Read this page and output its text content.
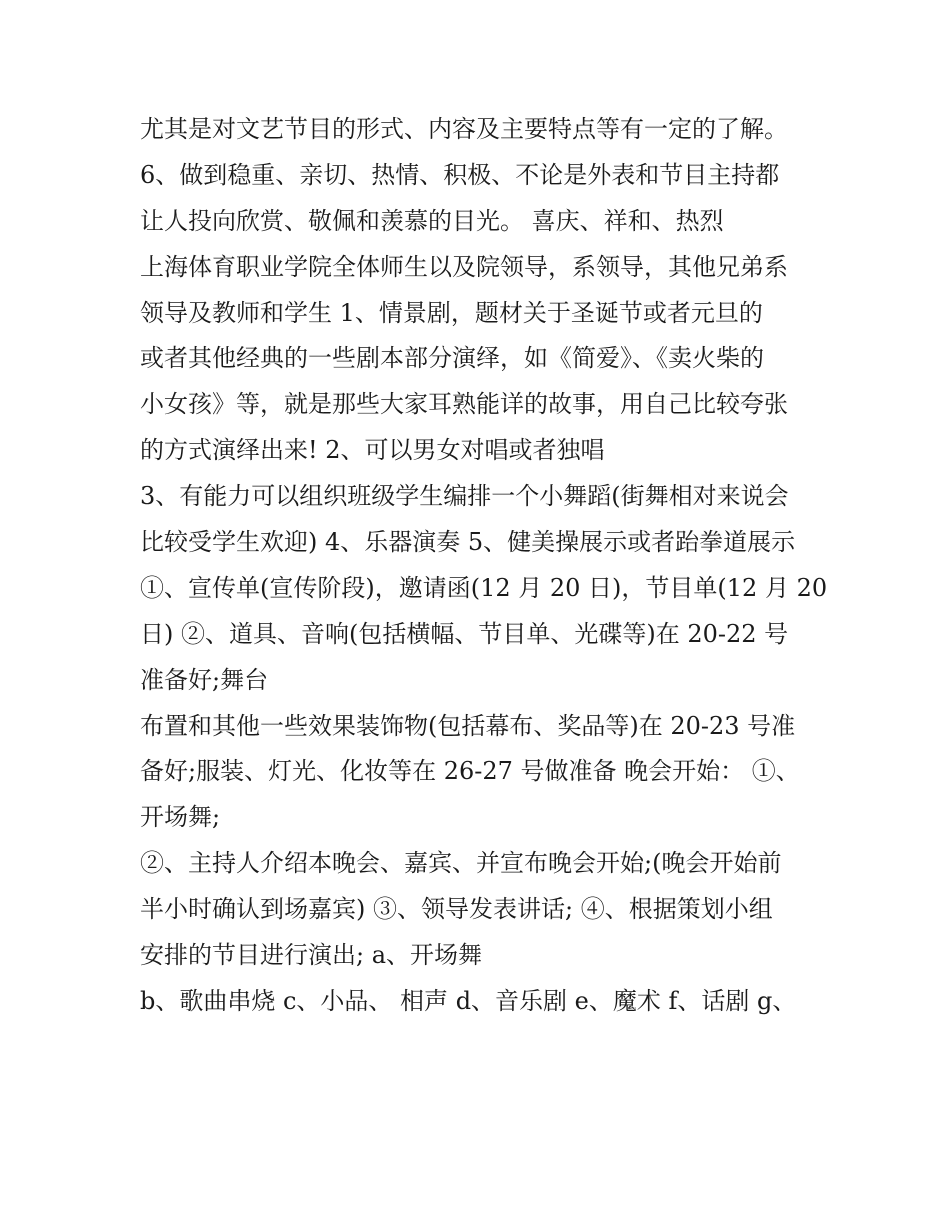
尤其是对文艺节目的形式、内容及主要特点等有一定的了解。
6、做到稳重、亲切、热情、积极、不论是外表和节目主持都
让人投向欣赏、敬佩和羡慕的目光。 喜庆、祥和、热烈
上海体育职业学院全体师生以及院领导，系领导，其他兄弟系
领导及教师和学生 1、情景剧，题材关于圣诞节或者元旦的
或者其他经典的一些剧本部分演绎，如《简爱》、《卖火柴的
小女孩》等，就是那些大家耳熟能详的故事，用自己比较夸张
的方式演绎出来! 2、可以男女对唱或者独唱
3、有能力可以组织班级学生编排一个小舞蹈(街舞相对来说会
比较受学生欢迎) 4、乐器演奏 5、健美操展示或者跆拳道展示
①、宣传单(宣传阶段)，邀请函(12 月 20 日)，节目单(12 月 20
日) ②、道具、音响(包括横幅、节目单、光碟等)在 20-22 号
准备好;舞台
布置和其他一些效果装饰物(包括幕布、奖品等)在 20-23 号准
备好;服装、灯光、化妆等在 26-27 号做准备 晚会开始： ①、
开场舞;
②、主持人介绍本晚会、嘉宾、并宣布晚会开始;(晚会开始前
半小时确认到场嘉宾) ③、领导发表讲话; ④、根据策划小组
安排的节目进行演出; a、开场舞
b、歌曲串烧 c、小品、 相声 d、音乐剧 e、魔术 f、话剧 g、
